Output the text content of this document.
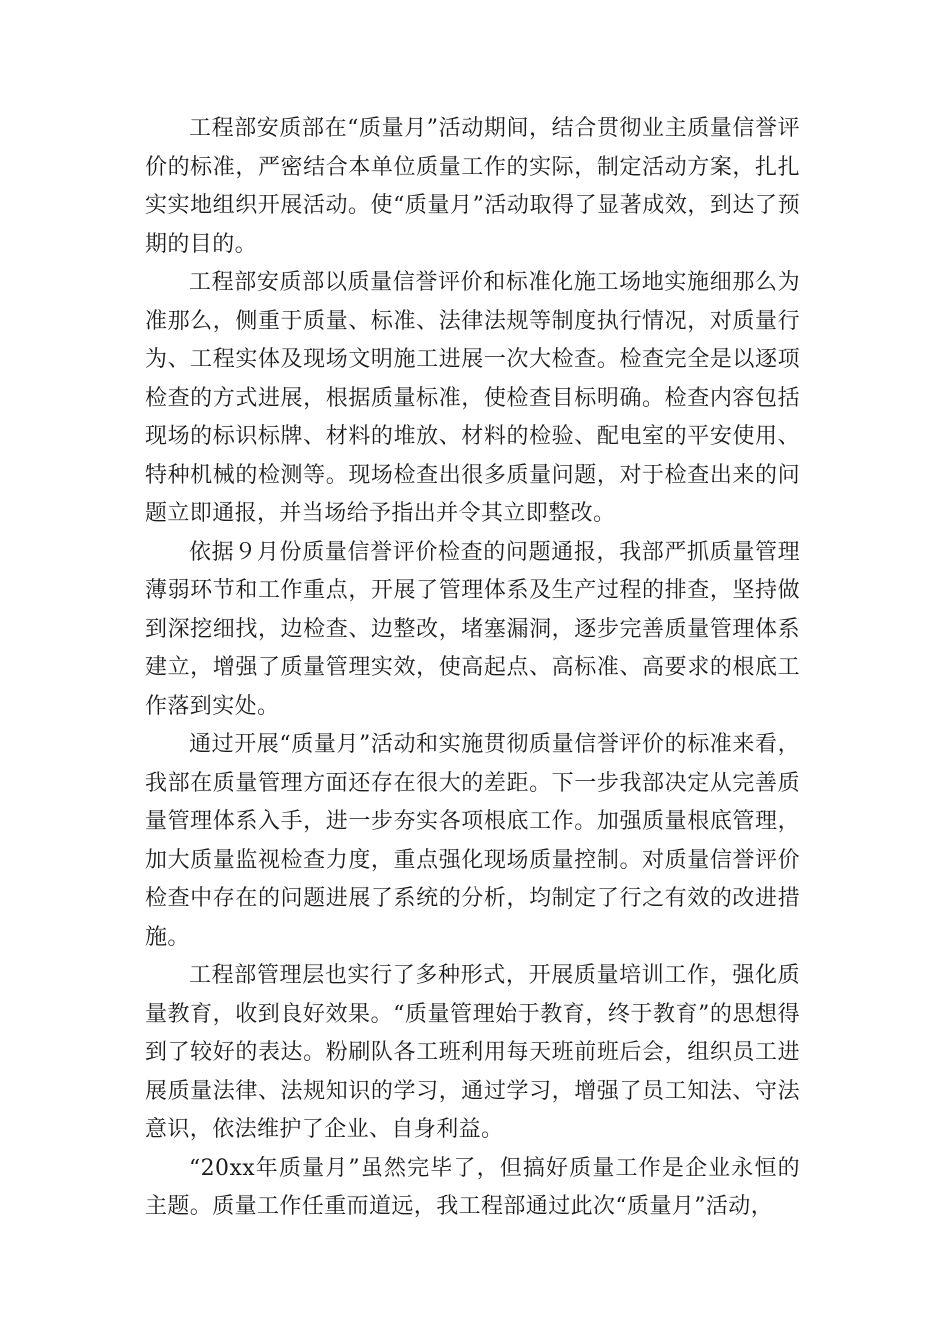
工程部安质部在“质量月”活动期间，结合贯彻业主质量信誉评价的标准，严密结合本单位质量工作的实际，制定活动方案，扎扎实实地组织开展活动。使“质量月”活动取得了显著成效，到达了预期的目的。

工程部安质部以质量信誉评价和标准化施工场地实施细那么为准那么，侧重于质量、标准、法律法规等制度执行情况，对质量行为、工程实体及现场文明施工进展一次大检查。检查完全是以逐项检查的方式进展，根据质量标准，使检查目标明确。检查内容包括现场的标识标牌、材料的堆放、材料的检验、配电室的平安使用、特种机械的检测等。现场检查出很多质量问题，对于检查出来的问题立即通报，并当场给予指出并令其立即整改。

依据９月份质量信誉评价检查的问题通报，我部严抓质量管理薄弱环节和工作重点，开展了管理体系及生产过程的排查，坚持做到深挖细找，边检查、边整改，堵塞漏洞，逐步完善质量管理体系建立，增强了质量管理实效，使高起点、高标准、高要求的根底工作落到实处。

通过开展“质量月”活动和实施贯彻质量信誉评价的标准来看，我部在质量管理方面还存在很大的差距。下一步我部决定从完善质量管理体系入手，进一步夯实各项根底工作。加强质量根底管理，加大质量监视检查力度，重点强化现场质量控制。对质量信誉评价检查中存在的问题进展了系统的分析，均制定了行之有效的改进措施。

工程部管理层也实行了多种形式，开展质量培训工作，强化质量教育，收到良好效果。“质量管理始于教育，终于教育”的思想得到了较好的表达。粉刷队各工班利用每天班前班后会，组织员工进展质量法律、法规知识的学习，通过学习，增强了员工知法、守法意识，依法维护了企业、自身利益。

“20xx年质量月”虽然完毕了，但搞好质量工作是企业永恒的主题。质量工作任重而道远，我工程部通过此次“质量月”活动，
